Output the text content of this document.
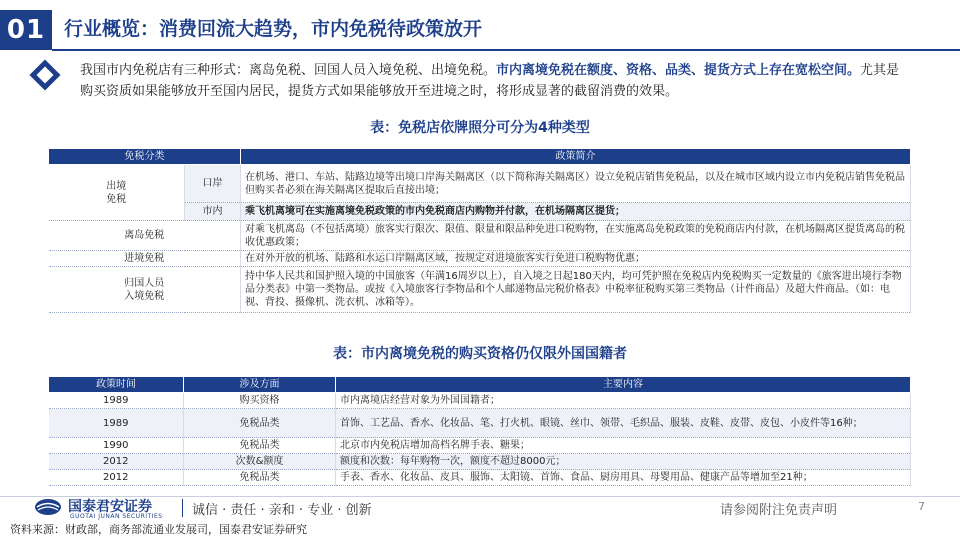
01 行业概览：消费回流大趋势，市内免税待政策放开
我国市内免税店有三种形式：离岛免税、回国人员入境免税、出境免税。市内离境免税在额度、资格、品类、提货方式上存在宽松空间。尤其是购买资质如果能够放开至国内居民，提货方式如果能够放开至进境之时，将形成显著的截留消费的效果。
表：免税店依牌照分可分为4种类型
免税分类		政策简介
出境
免税	口岸	在机场、港口、车站、陆路边境等出境口岸海关隔离区（以下简称海关隔离区）设立免税店销售免税品，以及在城市区域内设立市内免税店销售免税品但购买者必须在海关隔离区提取后直接出境；
	市内	乘飞机离境可在实施离境免税政策的市内免税商店内购物并付款，在机场隔离区提货；
离岛免税		对乘飞机离岛（不包括离境）旅客实行限次、限值、限量和限品种免进口税购物，在实施离岛免税政策的免税商店内付款，在机场隔离区提货离岛的税收优惠政策；
进境免税		在对外开放的机场、陆路和水运口岸隔离区域，按规定对进境旅客实行免进口税购物优惠；
归国人员
入境免税		持中华人民共和国护照入境的中国旅客（年满16周岁以上），自入境之日起180天内，均可凭护照在免税店内免税购买一定数量的《旅客进出境行李物品分类表》中第一类物品。或按《入境旅客行李物品和个人邮递物品完税价格表》中税率征税购买第三类物品（计件商品）及超大件商品。（如：电视、背投、摄像机、洗衣机、冰箱等）。
表：市内离境免税的购买资格仍仅限外国国籍者
政策时间	涉及方面	主要内容
1989	购买资格	市内离境店经营对象为外国国籍者；
1989	免税品类	首饰、工艺品、香水、化妆品、笔、打火机、眼镜、丝巾、领带、毛织品、服装、皮鞋、皮带、皮包、小皮件等16种；
1990	免税品类	北京市内免税店增加高档名牌手表、糖果；
2012	次数&额度	额度和次数：每年购物一次，额度不超过8000元；
2012	免税品类	手表、香水、化妆品、皮具、服饰、太阳镜、首饰、食品、厨房用具、母婴用品、健康产品等增加至21种；
国泰君安证券
GUOTAI JUNAN SECURITIES 诚信 · 责任 · 亲和 · 专业 · 创新	请参阅附注免责声明	7
资料来源：财政部，商务部流通业发展司，国泰君安证券研究
